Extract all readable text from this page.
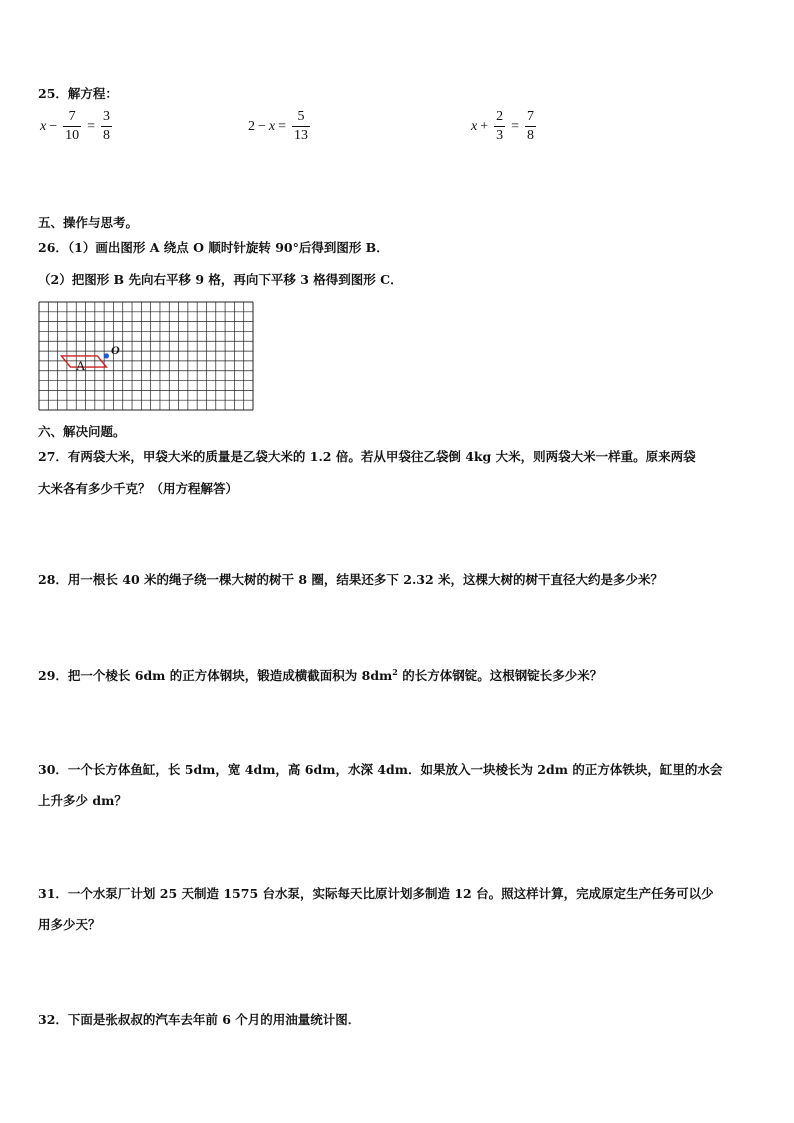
25．解方程：
$x - \frac{7}{10} = \frac{3}{8}$	$2 - x = \frac{5}{13}$	$x + \frac{2}{3} = \frac{7}{8}$
五、操作与思考。
26．（1）画出图形 A 绕点 O 顺时针旋转 90°后得到图形 B．
（2）把图形 B 先向右平移 9 格，再向下平移 3 格得到图形 C．
A
O
六、解决问题。
27．有两袋大米，甲袋大米的质量是乙袋大米的 1.2 倍。若从甲袋往乙袋倒 4kg 大米，则两袋大米一样重。原来两袋
大米各有多少千克？（用方程解答）
28．用一根长 40 米的绳子绕一棵大树的树干 8 圈，结果还多下 2.32 米，这棵大树的树干直径大约是多少米？
29．把一个棱长 6dm 的正方体钢块，锻造成横截面积为 $8dm^2$ 的长方体钢锭。这根钢锭长多少米？
30．一个长方体鱼缸，长 5dm，宽 4dm，高 6dm，水深 4dm．如果放入一块棱长为 2dm 的正方体铁块，缸里的水会
上升多少 dm？
31．一个水泵厂计划 25 天制造 1575 台水泵，实际每天比原计划多制造 12 台。照这样计算，完成原定生产任务可以少
用多少天？
32．下面是张叔叔的汽车去年前 6 个月的用油量统计图．
